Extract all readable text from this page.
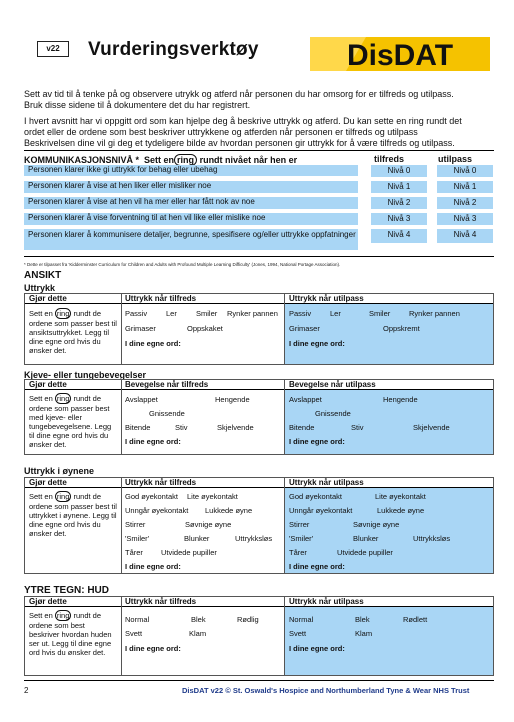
v22	Vurderingsverktøy	DisDAT
Sett av tid til å tenke på og observere utrykk og atferd når personen du har omsorg for er tilfreds og utilpass.
Bruk disse sidene til å dokumentere det du har registrert.
I hvert avsnitt har vi oppgitt ord som kan hjelpe deg å beskrive uttrykk og atferd. Du kan sette en ring rundt det
ordet eller de ordene som best beskriver uttrykkene og atferden når personen er tilfreds og utilpass
Beskrivelsen dine vil gi deg et tydeligere bilde av hvordan personen gir uttrykk for å være tilfreds og utilpass.
KOMMUNIKASJONSNIVÅ * Sett en ring rundt nivået når hen er	tilfreds	utilpass
Personen klarer ikke gi uttrykk for behag eller ubehag	Nivå 0	Nivå 0
Personen klarer å vise at hen liker eller misliker noe	Nivå 1	Nivå 1
Personen klarer å vise at hen vil ha mer eller har fått nok av noe	Nivå 2	Nivå 2
Personen klarer å vise forventning til at hen vil like eller mislike noe	Nivå 3	Nivå 3
Personen klarer å kommunisere detaljer, begrunne, spesifisere og/eller uttrykke oppfatninger	Nivå 4	Nivå 4
* Dette er tilpasset fra 'Kidderminster Curriculum for Children and Adults with Profound Multiple Learning Difficulty' (Jones, 1994, National Portage Association).
ANSIKT
Uttrykk
Gjør dette	Uttrykk når tilfreds	Uttrykk når utilpass
Sett en ring rundt de ordene som passer best til ansiktsuttrykket. Legg til dine egne ord hvis du ønsker det.
Passiv	Ler	Smiler Rynker pannen
Grimaser	Oppskaket
I dine egne ord:
Passiv	Ler	Smiler Rynker pannen
Grimaser	Oppskremt
I dine egne ord:
Kjeve- eller tungebevegelser
Gjør dette	Bevegelse når tilfreds	Bevegelse når utilpass
Sett en ring rundt de ordene som passer best med kjeve- eller tungebevegelsene. Legg til dine egne ord hvis du ønsker det.
Avslappet	Hengende
Gnissende
Bitende	Stiv	Skjelvende
I dine egne ord:
Avslappet	Hengende
Gnissende
Bitende	Stiv	Skjelvende
I dine egne ord:
Uttrykk i øynene
Gjør dette	Uttrykk når tilfreds	Uttrykk når utilpass
Sett en ring rundt de ordene som passer best til uttrykket i øynene. Legg til dine egne ord hvis du ønsker det.
God øyekontakt Lite øyekontakt
Unngår øyekontakt Lukkede øyne
Stirrer	Søvnige øyne
'Smiler'	Blunker	Uttrykksløs
Tårer Utvidede pupiller
I dine egne ord:
God øyekontakt	Lite øyekontakt
Unngår øyekontakt	Lukkede øyne
Stirrer	Søvnige øyne
'Smiler'	Blunker	Uttrykksløs
Tårer	Utvidede pupiller
I dine egne ord:
YTRE TEGN: HUD
Gjør dette	Uttrykk når tilfreds	Uttrykk når utilpass
Sett en ring rundt de ordene som best beskriver hvordan huden ser ut. Legg til dine egne ord hvis du ønsker det.
Normal	Blek	Rødlig
Svett	Klam
I dine egne ord:
Normal	Blek	Rødlett
Svett	Klam
I dine egne ord:
2	DisDAT v22 © St. Oswald's Hospice and Northumberland Tyne & Wear NHS Trust
